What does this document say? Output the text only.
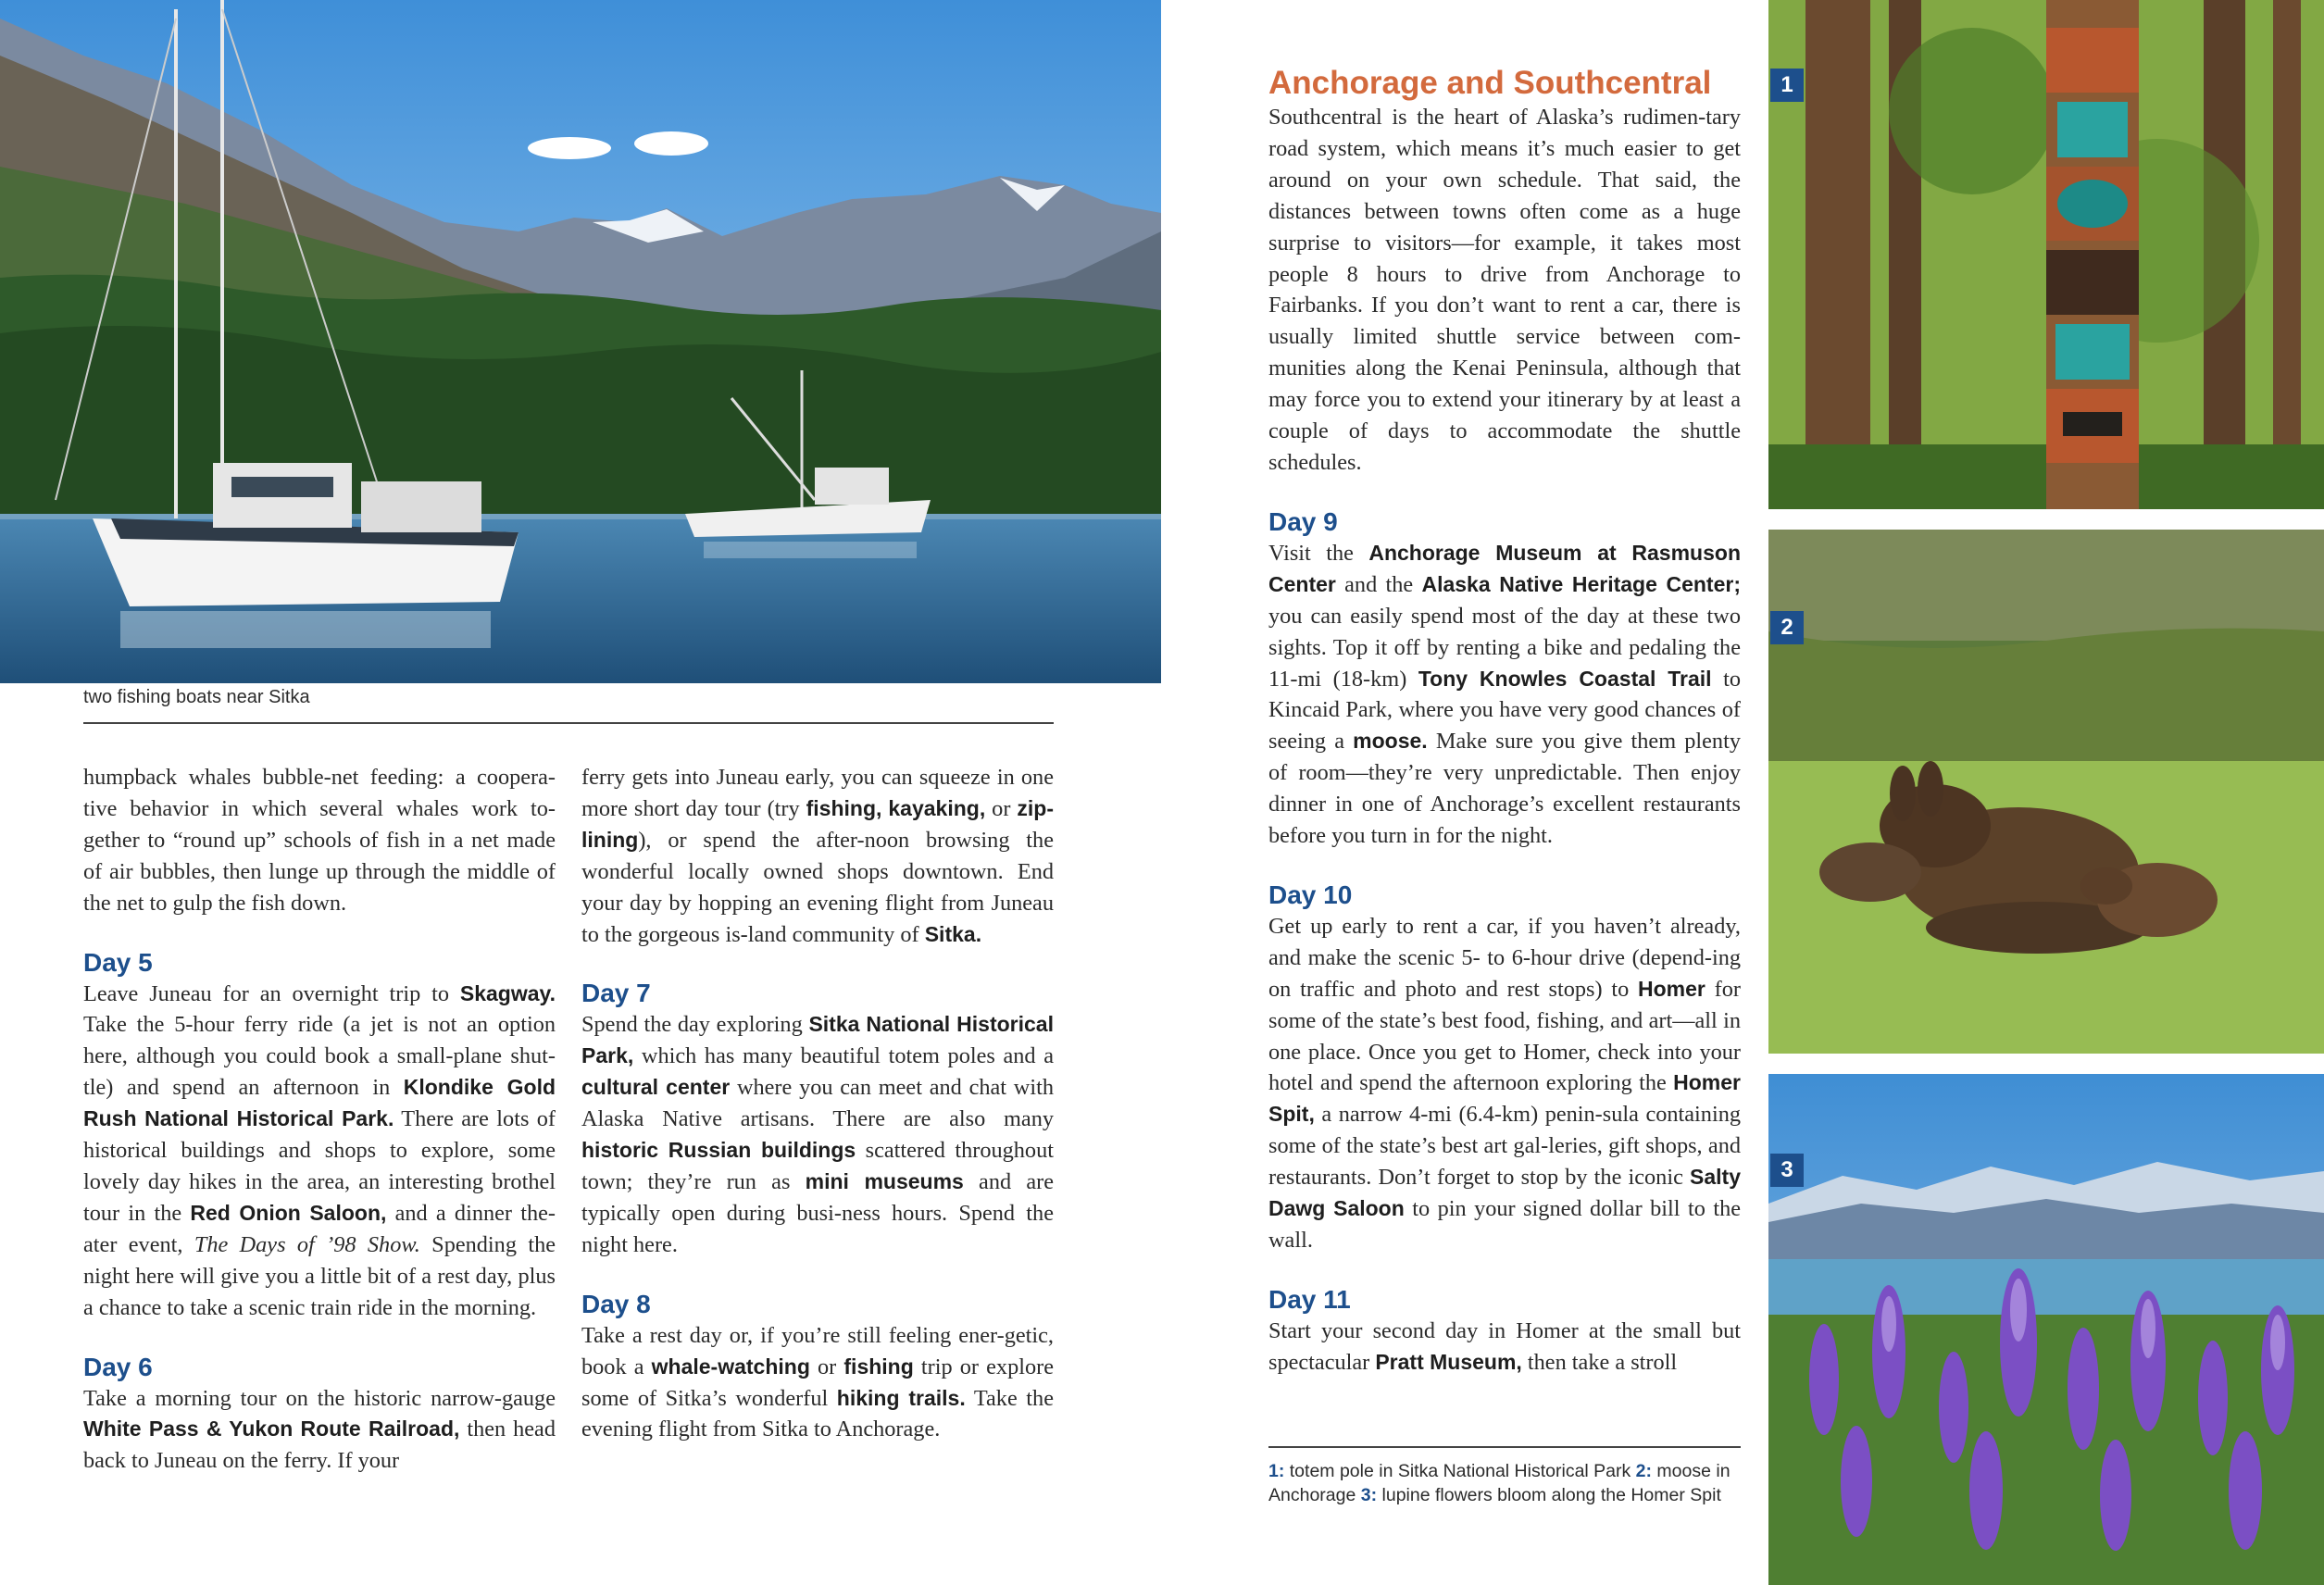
1
2
3
two fishing boats near Sitka

humpback whales bubble-net feeding: a coopera-tive behavior in which several whales work to-gether to “round up” schools of fish in a net made of air bubbles, then lunge up through the middle of the net to gulp the fish down.

Day 5

Leave Juneau for an overnight trip to Skagway. Take the 5-hour ferry ride (a jet is not an option here, although you could book a small-plane shut-tle) and spend an afternoon in Klondike Gold Rush National Historical Park. There are lots of historical buildings and shops to explore, some lovely day hikes in the area, an interesting brothel tour in the Red Onion Saloon, and a dinner the-ater event, The Days of ’98 Show. Spending the night here will give you a little bit of a rest day, plus a chance to take a scenic train ride in the morning.

Day 6

Take a morning tour on the historic narrow-gauge White Pass & Yukon Route Railroad, then head back to Juneau on the ferry. If your

ferry gets into Juneau early, you can squeeze in one more short day tour (try fishing, kayaking, or zip-lining), or spend the after-noon browsing the wonderful locally owned shops downtown. End your day by hopping an evening flight from Juneau to the gorgeous is-land community of Sitka.

Day 7

Spend the day exploring Sitka National Historical Park, which has many beautiful totem poles and a cultural center where you can meet and chat with Alaska Native artisans. There are also many historic Russian buildings scattered throughout town; they’re run as mini museums and are typically open during busi-ness hours. Spend the night here.

Day 8

Take a rest day or, if you’re still feeling ener-getic, book a whale-watching or fishing trip or explore some of Sitka’s wonderful hiking trails. Take the evening flight from Sitka to Anchorage.

Anchorage and Southcentral

Southcentral is the heart of Alaska’s rudimen-tary road system, which means it’s much easier to get around on your own schedule. That said, the distances between towns often come as a huge surprise to visitors—for example, it takes most people 8 hours to drive from Anchorage to Fairbanks. If you don’t want to rent a car, there is usually limited shuttle service between com-munities along the Kenai Peninsula, although that may force you to extend your itinerary by at least a couple of days to accommodate the shuttle schedules.

Day 9

Visit the Anchorage Museum at Rasmuson Center and the Alaska Native Heritage Center; you can easily spend most of the day at these two sights. Top it off by renting a bike and pedaling the 11-mi (18-km) Tony Knowles Coastal Trail to Kincaid Park, where you have very good chances of seeing a moose. Make sure you give them plenty of room—they’re very unpredictable. Then enjoy dinner in one of Anchorage’s excellent restaurants before you turn in for the night.

Day 10

Get up early to rent a car, if you haven’t already, and make the scenic 5- to 6-hour drive (depend-ing on traffic and photo and rest stops) to Homer for some of the state’s best food, fishing, and art—all in one place. Once you get to Homer, check into your hotel and spend the afternoon exploring the Homer Spit, a narrow 4-mi (6.4-km) penin-sula containing some of the state’s best art gal-leries, gift shops, and restaurants. Don’t forget to stop by the iconic Salty Dawg Saloon to pin your signed dollar bill to the wall.

Day 11

Start your second day in Homer at the small but spectacular Pratt Museum, then take a stroll

1: totem pole in Sitka National Historical Park 2: moose in Anchorage 3: lupine flowers bloom along the Homer Spit
